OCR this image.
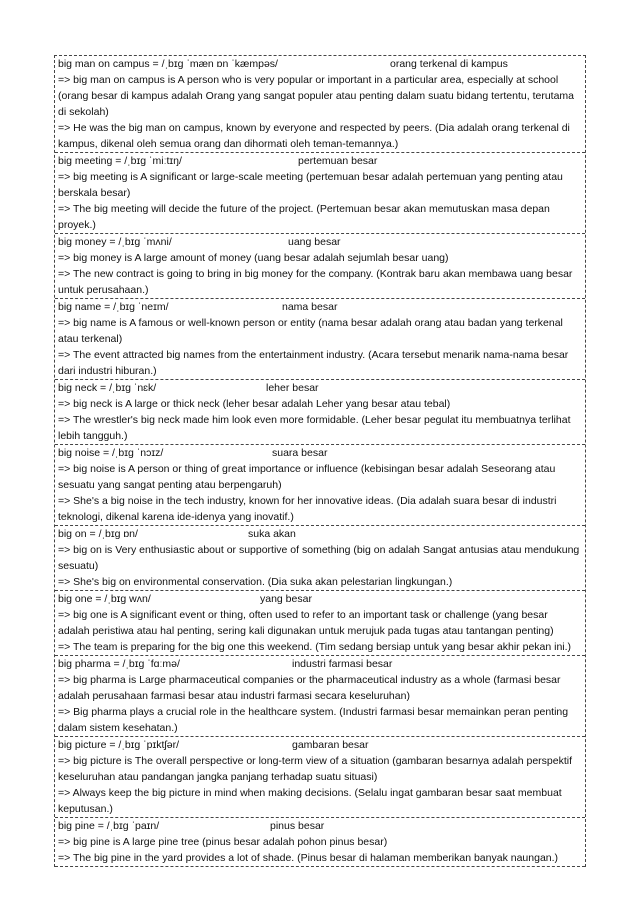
big man on campus = /ˌbɪɡ ˈmæn ɒn ˈkæmpəs/	orang terkenal di kampus
=> big man on campus is A person who is very popular or important in a particular area, especially at school (orang besar di kampus adalah Orang yang sangat populer atau penting dalam suatu bidang tertentu, terutama di sekolah)
=> He was the big man on campus, known by everyone and respected by peers. (Dia adalah orang terkenal di kampus, dikenal oleh semua orang dan dihormati oleh teman-temannya.)
big meeting = /ˌbɪɡ ˈmiːtɪŋ/	pertemuan besar
=> big meeting is A significant or large-scale meeting (pertemuan besar adalah pertemuan yang penting atau berskala besar)
=> The big meeting will decide the future of the project. (Pertemuan besar akan memutuskan masa depan proyek.)
big money = /ˌbɪɡ ˈmʌni/	uang besar
=> big money is A large amount of money (uang besar adalah sejumlah besar uang)
=> The new contract is going to bring in big money for the company. (Kontrak baru akan membawa uang besar untuk perusahaan.)
big name = /ˌbɪɡ ˈneɪm/	nama besar
=> big name is A famous or well-known person or entity (nama besar adalah orang atau badan yang terkenal atau terkenal)
=> The event attracted big names from the entertainment industry. (Acara tersebut menarik nama-nama besar dari industri hiburan.)
big neck = /ˌbɪɡ ˈnɛk/	leher besar
=> big neck is A large or thick neck (leher besar adalah Leher yang besar atau tebal)
=> The wrestler's big neck made him look even more formidable. (Leher besar pegulat itu membuatnya terlihat lebih tangguh.)
big noise = /ˌbɪɡ ˈnɔɪz/	suara besar
=> big noise is A person or thing of great importance or influence (kebisingan besar adalah Seseorang atau sesuatu yang sangat penting atau berpengaruh)
=> She's a big noise in the tech industry, known for her innovative ideas. (Dia adalah suara besar di industri teknologi, dikenal karena ide-idenya yang inovatif.)
big on = /ˌbɪɡ ɒn/	suka akan
=> big on is Very enthusiastic about or supportive of something (big on adalah Sangat antusias atau mendukung sesuatu)
=> She's big on environmental conservation. (Dia suka akan pelestarian lingkungan.)
big one = /ˌbɪɡ wʌn/	yang besar
=> big one is A significant event or thing, often used to refer to an important task or challenge (yang besar adalah peristiwa atau hal penting, sering kali digunakan untuk merujuk pada tugas atau tantangan penting)
=> The team is preparing for the big one this weekend. (Tim sedang bersiap untuk yang besar akhir pekan ini.)
big pharma = /ˌbɪɡ ˈfɑːmə/	industri farmasi besar
=> big pharma is Large pharmaceutical companies or the pharmaceutical industry as a whole (farmasi besar adalah perusahaan farmasi besar atau industri farmasi secara keseluruhan)
=> Big pharma plays a crucial role in the healthcare system. (Industri farmasi besar memainkan peran penting dalam sistem kesehatan.)
big picture = /ˌbɪɡ ˈpɪktʃər/	gambaran besar
=> big picture is The overall perspective or long-term view of a situation (gambaran besarnya adalah perspektif keseluruhan atau pandangan jangka panjang terhadap suatu situasi)
=> Always keep the big picture in mind when making decisions. (Selalu ingat gambaran besar saat membuat keputusan.)
big pine = /ˌbɪɡ ˈpaɪn/	pinus besar
=> big pine is A large pine tree (pinus besar adalah pohon pinus besar)
=> The big pine in the yard provides a lot of shade. (Pinus besar di halaman memberikan banyak naungan.)
